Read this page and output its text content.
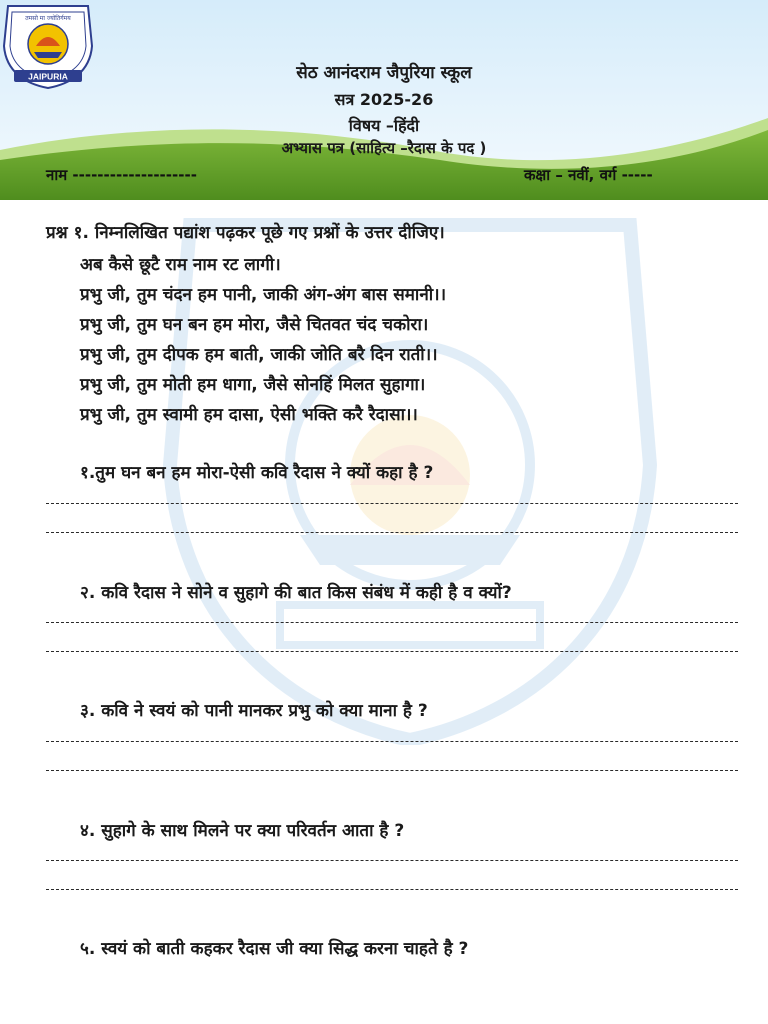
JAIPURIA
तमसो मा ज्योतिर्गमय
सेठ आनंदराम जैपुरिया स्कूल
सत्र 2025-26
विषय –हिंदी
अभ्यास पत्र (साहित्य –रैदास के पद )
नाम --------------------	कक्षा – नवीं, वर्ग -----
प्रश्न १. निम्नलिखित पद्यांश पढ़कर पूछे गए प्रश्नों के उत्तर दीजिए।
अब कैसे छूटै राम नाम रट लागी।
प्रभु जी, तुम चंदन हम पानी, जाकी अंग-अंग बास समानी।।
प्रभु जी, तुम घन बन हम मोरा, जैसे चितवत चंद चकोरा।
प्रभु जी, तुम दीपक हम बाती, जाकी जोति बरै दिन राती।।
प्रभु जी, तुम मोती हम धागा, जैसे सोनहिं मिलत सुहागा।
प्रभु जी, तुम स्वामी हम दासा, ऐसी भक्ति करै रैदासा।।
१.तुम घन बन हम मोरा-ऐसी कवि रैदास ने क्यों कहा है ?
२. कवि रैदास ने सोने व सुहागे की बात किस संबंध में कही है व क्यों?
३. कवि ने स्वयं को पानी मानकर प्रभु को क्या माना है ?
४. सुहागे के साथ मिलने पर क्या परिवर्तन आता है ?
५. स्वयं को बाती कहकर रैदास जी क्या सिद्ध करना चाहते है ?
